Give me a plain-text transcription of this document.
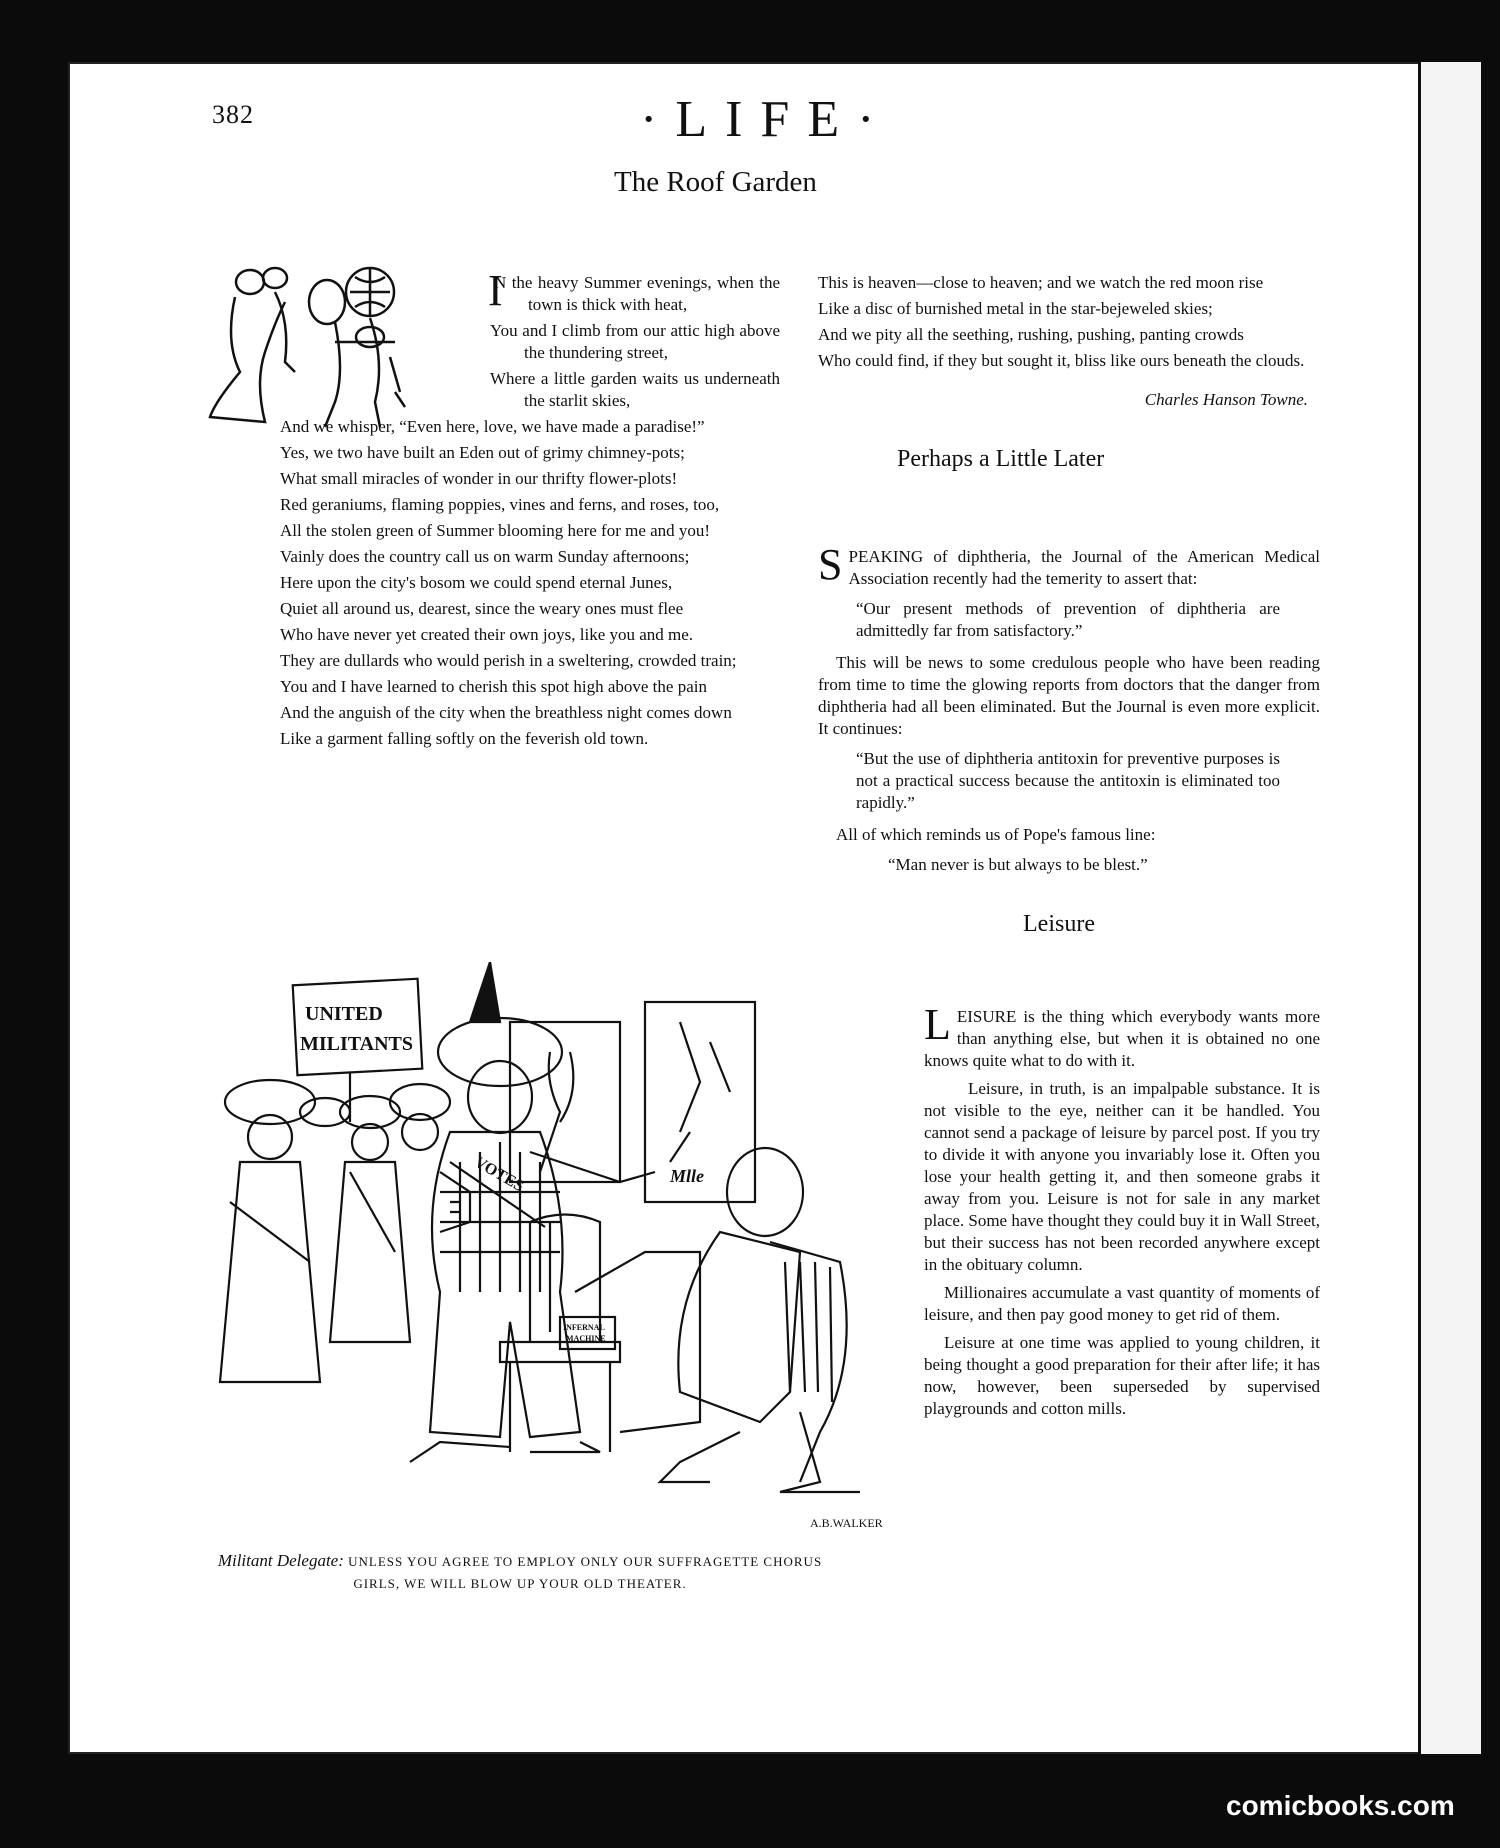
382	·LIFE·
The Roof Garden

I
N the heavy Summer evenings, when the town is thick with heat,

You and I climb from our attic high above the thundering street,

Where a little garden waits us underneath the starlit skies,

And we whisper, “Even here, love, we have made a paradise!”

Yes, we two have built an Eden out of grimy chimney-pots;

What small miracles of wonder in our thrifty flower-plots!

Red geraniums, flaming poppies, vines and ferns, and roses, too,

All the stolen green of Summer blooming here for me and you!

Vainly does the country call us on warm Sunday afternoons;

Here upon the city's bosom we could spend eternal Junes,

Quiet all around us, dearest, since the weary ones must flee

Who have never yet created their own joys, like you and me.

They are dullards who would perish in a sweltering, crowded train;

You and I have learned to cherish this spot high above the pain

And the anguish of the city when the breathless night comes down

Like a garment falling softly on the feverish old town.

This is heaven—close to heaven; and we watch the red moon rise

Like a disc of burnished metal in the star-bejeweled skies;

And we pity all the seething, rushing, pushing, panting crowds

Who could find, if they but sought it, bliss like ours beneath the clouds.

Charles Hanson Towne.

Perhaps a Little Later

SPEAKING of diphtheria, the Journal of the American Medical Association recently had the temerity to assert that:

“Our present methods of prevention of diphtheria are admittedly far from satisfactory.”

This will be news to some credulous people who have been reading from time to time the glowing reports from doctors that the danger from diphtheria had all been eliminated. But the Journal is even more explicit. It continues:

“But the use of diphtheria antitoxin for preventive purposes is not a practical success because the antitoxin is eliminated too rapidly.”

All of which reminds us of Pope's famous line:

“Man never is but always to be blest.”

Leisure

LEISURE is the thing which everybody wants more than anything else, but when it is obtained no one knows quite what to do with it.

Leisure, in truth, is an impalpable substance. It is not visible to the eye, neither can it be handled. You cannot send a package of leisure by parcel post. If you try to divide it with anyone you invariably lose it. Often you lose your health getting it, and then someone grabs it away from you. Leisure is not for sale in any market place. Some have thought they could buy it in Wall Street, but their success has not been recorded anywhere except in the obituary column.

Millionaires accumulate a vast quantity of moments of leisure, and then pay good money to get rid of them.

Leisure at one time was applied to young children, it being thought a good preparation for their after life; it has now, however, been superseded by supervised playgrounds and cotton mills.

UNITED
MILITANTS
INFERNAL
MACHINE
VOTES	Mlle
A.B.WALKER
Militant Delegate: UNLESS YOU AGREE TO EMPLOY ONLY OUR SUFFRAGETTE CHORUS GIRLS, WE WILL BLOW UP YOUR OLD THEATER.
comicbooks.com
